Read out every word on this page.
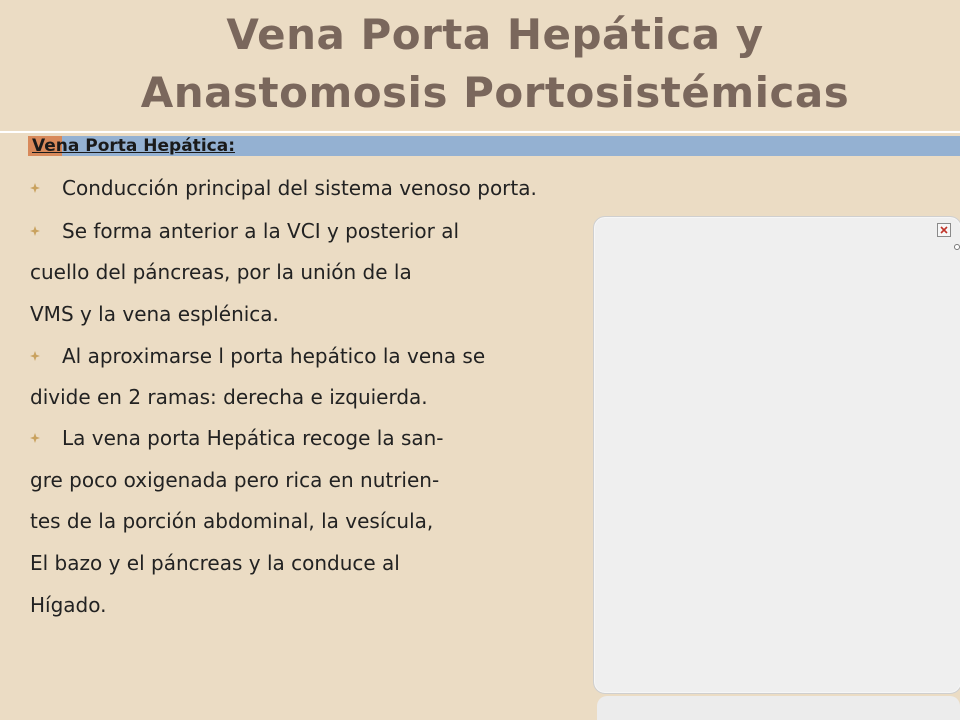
Vena Porta Hepática y
Anastomosis Portosistémicas
Vena Porta Hepática:
Conducción principal del sistema venoso porta.
Se forma anterior a la VCI y posterior al
cuello del páncreas, por la unión de la
VMS y la vena esplénica.
Al aproximarse l porta hepático la vena se
divide en 2 ramas: derecha e izquierda.
La vena porta Hepática recoge la san-
gre poco oxigenada pero rica en nutrien-
tes de la porción abdominal, la vesícula,
El bazo y el páncreas y la conduce al
Hígado.
